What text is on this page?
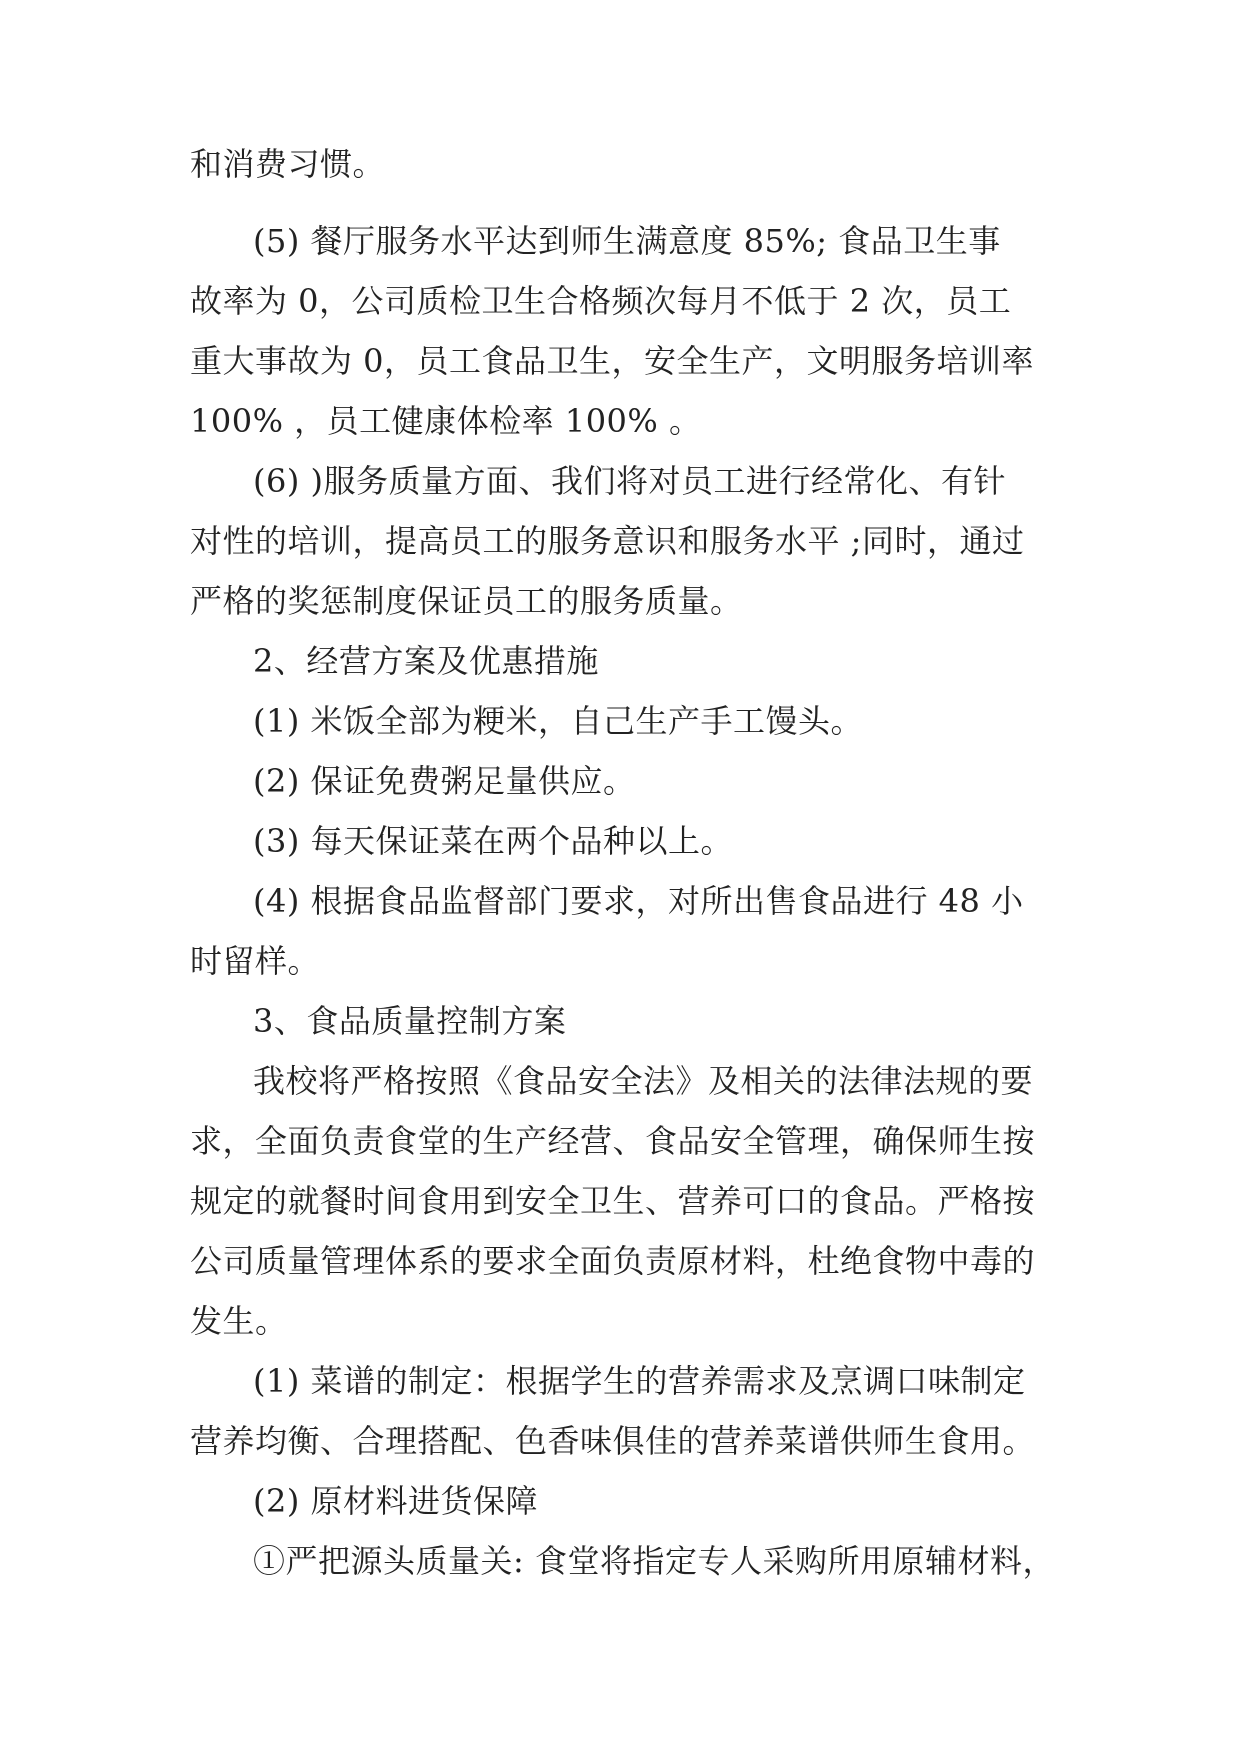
和消费习惯。

(5) 餐厅服务水平达到师生满意度 85%; 食品卫生事

故率为 0，公司质检卫生合格频次每月不低于 2 次，员工

重大事故为 0，员工食品卫生，安全生产，文明服务培训率

100% ，员工健康体检率 100% 。

(6) )服务质量方面、我们将对员工进行经常化、有针

对性的培训，提高员工的服务意识和服务水平 ;同时，通过

严格的奖惩制度保证员工的服务质量。

2、经营方案及优惠措施

(1) 米饭全部为粳米，自己生产手工馒头。

(2) 保证免费粥足量供应。

(3) 每天保证菜在两个品种以上。

(4) 根据食品监督部门要求，对所出售食品进行 48 小

时留样。

3、食品质量控制方案

我校将严格按照《食品安全法》及相关的法律法规的要

求，全面负责食堂的生产经营、食品安全管理，确保师生按

规定的就餐时间食用到安全卫生、营养可口的食品。严格按

公司质量管理体系的要求全面负责原材料，杜绝食物中毒的

发生。

(1) 菜谱的制定：根据学生的营养需求及烹调口味制定

营养均衡、合理搭配、色香味俱佳的营养菜谱供师生食用。

(2) 原材料进货保障

①严把源头质量关: 食堂将指定专人采购所用原辅材料，
